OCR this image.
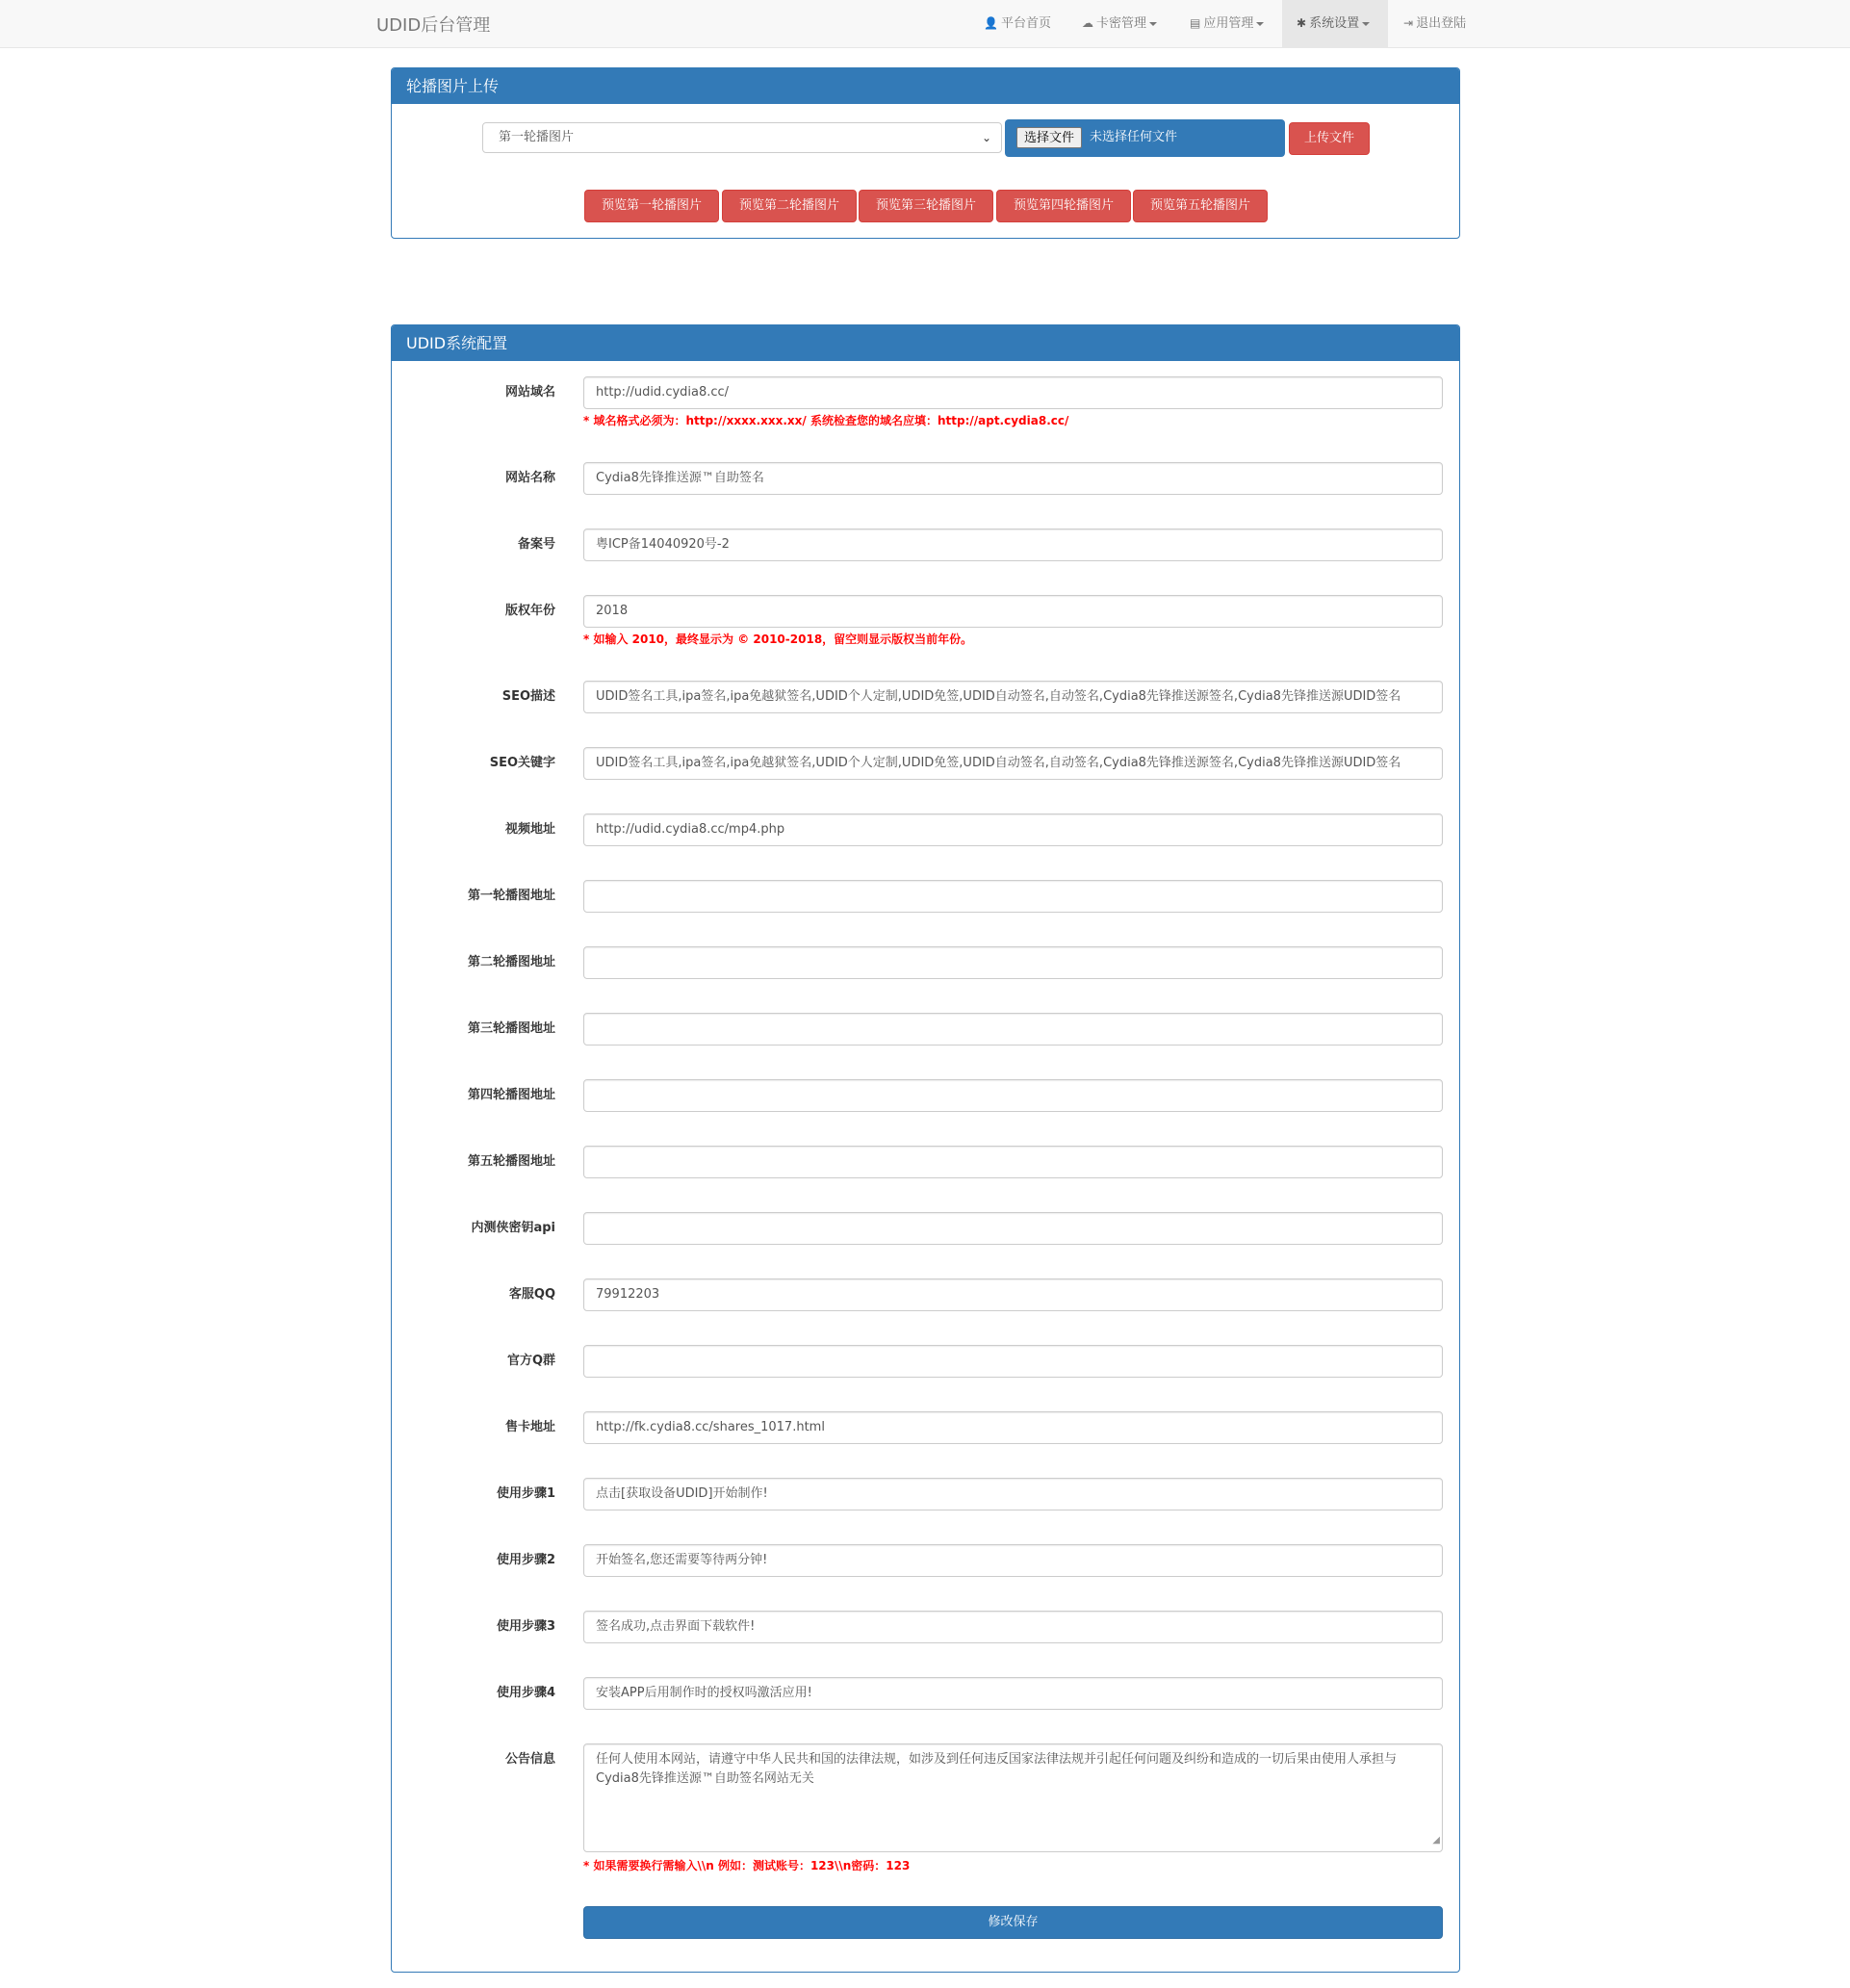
UDID后台管理	👤 平台首页	☁ 卡密管理	▤ 应用管理	✱ 系统设置	⇥ 退出登陆
轮播图片上传
第一轮播图片	⌄	选择文件	未选择任何文件	上传文件
预览第一轮播图片	预览第二轮播图片	预览第三轮播图片	预览第四轮播图片	预览第五轮播图片
UDID系统配置
网站域名	http://udid.cydia8.cc/
* 域名格式必须为：http://xxxx.xxx.xx/ 系统检查您的域名应填：http://apt.cydia8.cc/
网站名称	Cydia8先锋推送源™自助签名
备案号	粤ICP备14040920号-2
版权年份	2018
* 如输入 2010，最终显示为 © 2010-2018，留空则显示版权当前年份。
SEO描述	UDID签名工具,ipa签名,ipa免越狱签名,UDID个人定制,UDID免签,UDID自动签名,自动签名,Cydia8先锋推送源签名,Cydia8先锋推送源UDID签名
SEO关键字	UDID签名工具,ipa签名,ipa免越狱签名,UDID个人定制,UDID免签,UDID自动签名,自动签名,Cydia8先锋推送源签名,Cydia8先锋推送源UDID签名
视频地址	http://udid.cydia8.cc/mp4.php
第一轮播图地址
第二轮播图地址
第三轮播图地址
第四轮播图地址
第五轮播图地址
内测侠密钥api
客服QQ	79912203
官方Q群
售卡地址	http://fk.cydia8.cc/shares_1017.html
使用步骤1	点击[获取设备UDID]开始制作!
使用步骤2	开始签名,您还需要等待两分钟!
使用步骤3	签名成功,点击界面下载软件!
使用步骤4	安装APP后用制作时的授权吗激活应用!
公告信息	任何人使用本网站，请遵守中华人民共和国的法律法规，如涉及到任何违反国家法律法规并引起任何问题及纠纷和造成的一切后果由使用人承担与Cydia8先锋推送源™自助签名网站无关
◢
* 如果需要换行需输入\\n 例如：测试账号：123\\n密码：123
修改保存
